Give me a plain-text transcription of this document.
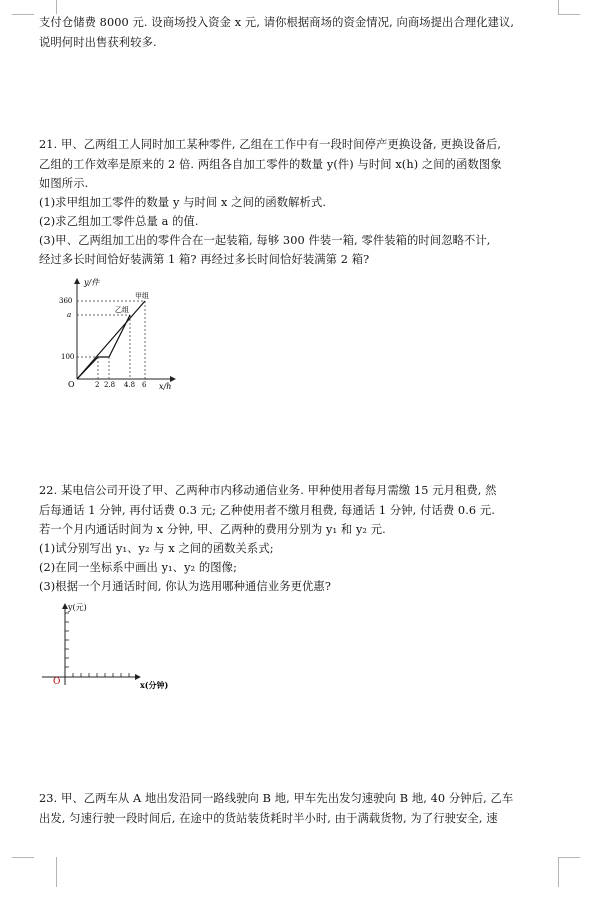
支付仓储费 8000 元. 设商场投入资金 x 元, 请你根据商场的资金情况, 向商场提出合理化建议,
说明何时出售获利较多.
21. 甲、乙两组工人同时加工某种零件, 乙组在工作中有一段时间停产更换设备, 更换设备后,
乙组的工作效率是原来的 2 倍. 两组各自加工零件的数量 y(件) 与时间 x(h) 之间的函数图象
如图所示.
(1)求甲组加工零件的数量 y 与时间 x 之间的函数解析式.
(2)求乙组加工零件总量 a 的值.
(3)甲、乙两组加工出的零件合在一起装箱, 每够 300 件装一箱, 零件装箱的时间忽略不计,
经过多长时间恰好装满第 1 箱? 再经过多长时间恰好装满第 2 箱?
y/件
x/h
O
360
a
100
2 2.8 4.8 6
甲组
乙组
22. 某电信公司开设了甲、乙两种市内移动通信业务. 甲种使用者每月需缴 15 元月租费, 然
后每通话 1 分钟, 再付话费 0.3 元; 乙种使用者不缴月租费, 每通话 1 分钟, 付话费 0.6 元.
若一个月内通话时间为 x 分钟, 甲、乙两种的费用分别为 y₁ 和 y₂ 元.
(1)试分别写出 y₁、y₂ 与 x 之间的函数关系式;
(2)在同一坐标系中画出 y₁、y₂ 的图像;
(3)根据一个月通话时间, 你认为选用哪种通信业务更优惠?
y(元)
x(分钟)
O
23. 甲、乙两车从 A 地出发沿同一路线驶向 B 地, 甲车先出发匀速驶向 B 地, 40 分钟后, 乙车
出发, 匀速行驶一段时间后, 在途中的货站装货耗时半小时, 由于满载货物, 为了行驶安全, 速
